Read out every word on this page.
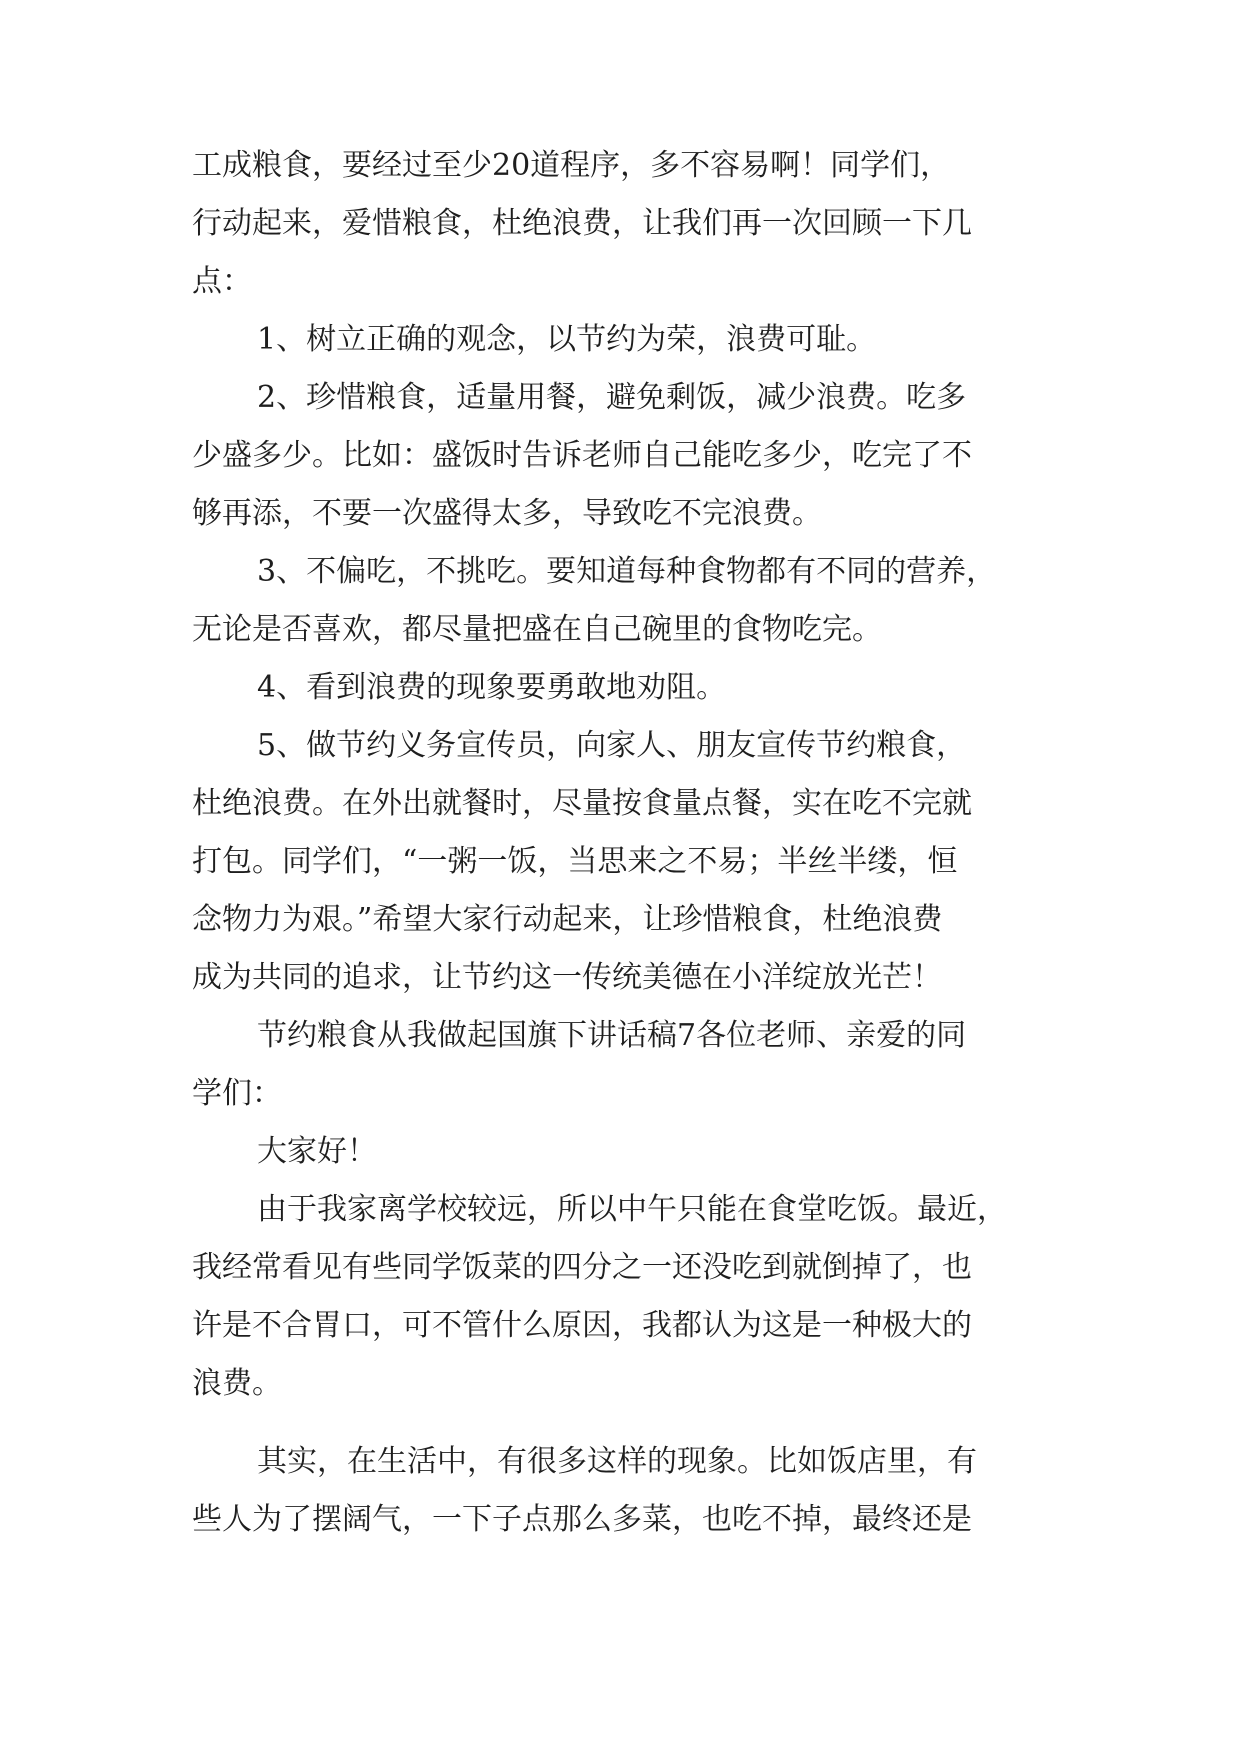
工成粮食，要经过至少20道程序，多不容易啊！同学们，

行动起来，爱惜粮食，杜绝浪费，让我们再一次回顾一下几

点：

1、树立正确的观念，以节约为荣，浪费可耻。

2、珍惜粮食，适量用餐，避免剩饭，减少浪费。吃多

少盛多少。比如：盛饭时告诉老师自己能吃多少，吃完了不

够再添，不要一次盛得太多，导致吃不完浪费。

3、不偏吃，不挑吃。要知道每种食物都有不同的营养，

无论是否喜欢，都尽量把盛在自己碗里的食物吃完。

4、看到浪费的现象要勇敢地劝阻。

5、做节约义务宣传员，向家人、朋友宣传节约粮食，

杜绝浪费。在外出就餐时，尽量按食量点餐，实在吃不完就

打包。同学们，“一粥一饭，当思来之不易；半丝半缕，恒

念物力为艰。”希望大家行动起来，让珍惜粮食，杜绝浪费

成为共同的追求，让节约这一传统美德在小洋绽放光芒！

节约粮食从我做起国旗下讲话稿7各位老师、亲爱的同

学们：

大家好！

由于我家离学校较远，所以中午只能在食堂吃饭。最近，

我经常看见有些同学饭菜的四分之一还没吃到就倒掉了，也

许是不合胃口，可不管什么原因，我都认为这是一种极大的

浪费。

其实，在生活中，有很多这样的现象。比如饭店里，有

些人为了摆阔气，一下子点那么多菜，也吃不掉，最终还是
